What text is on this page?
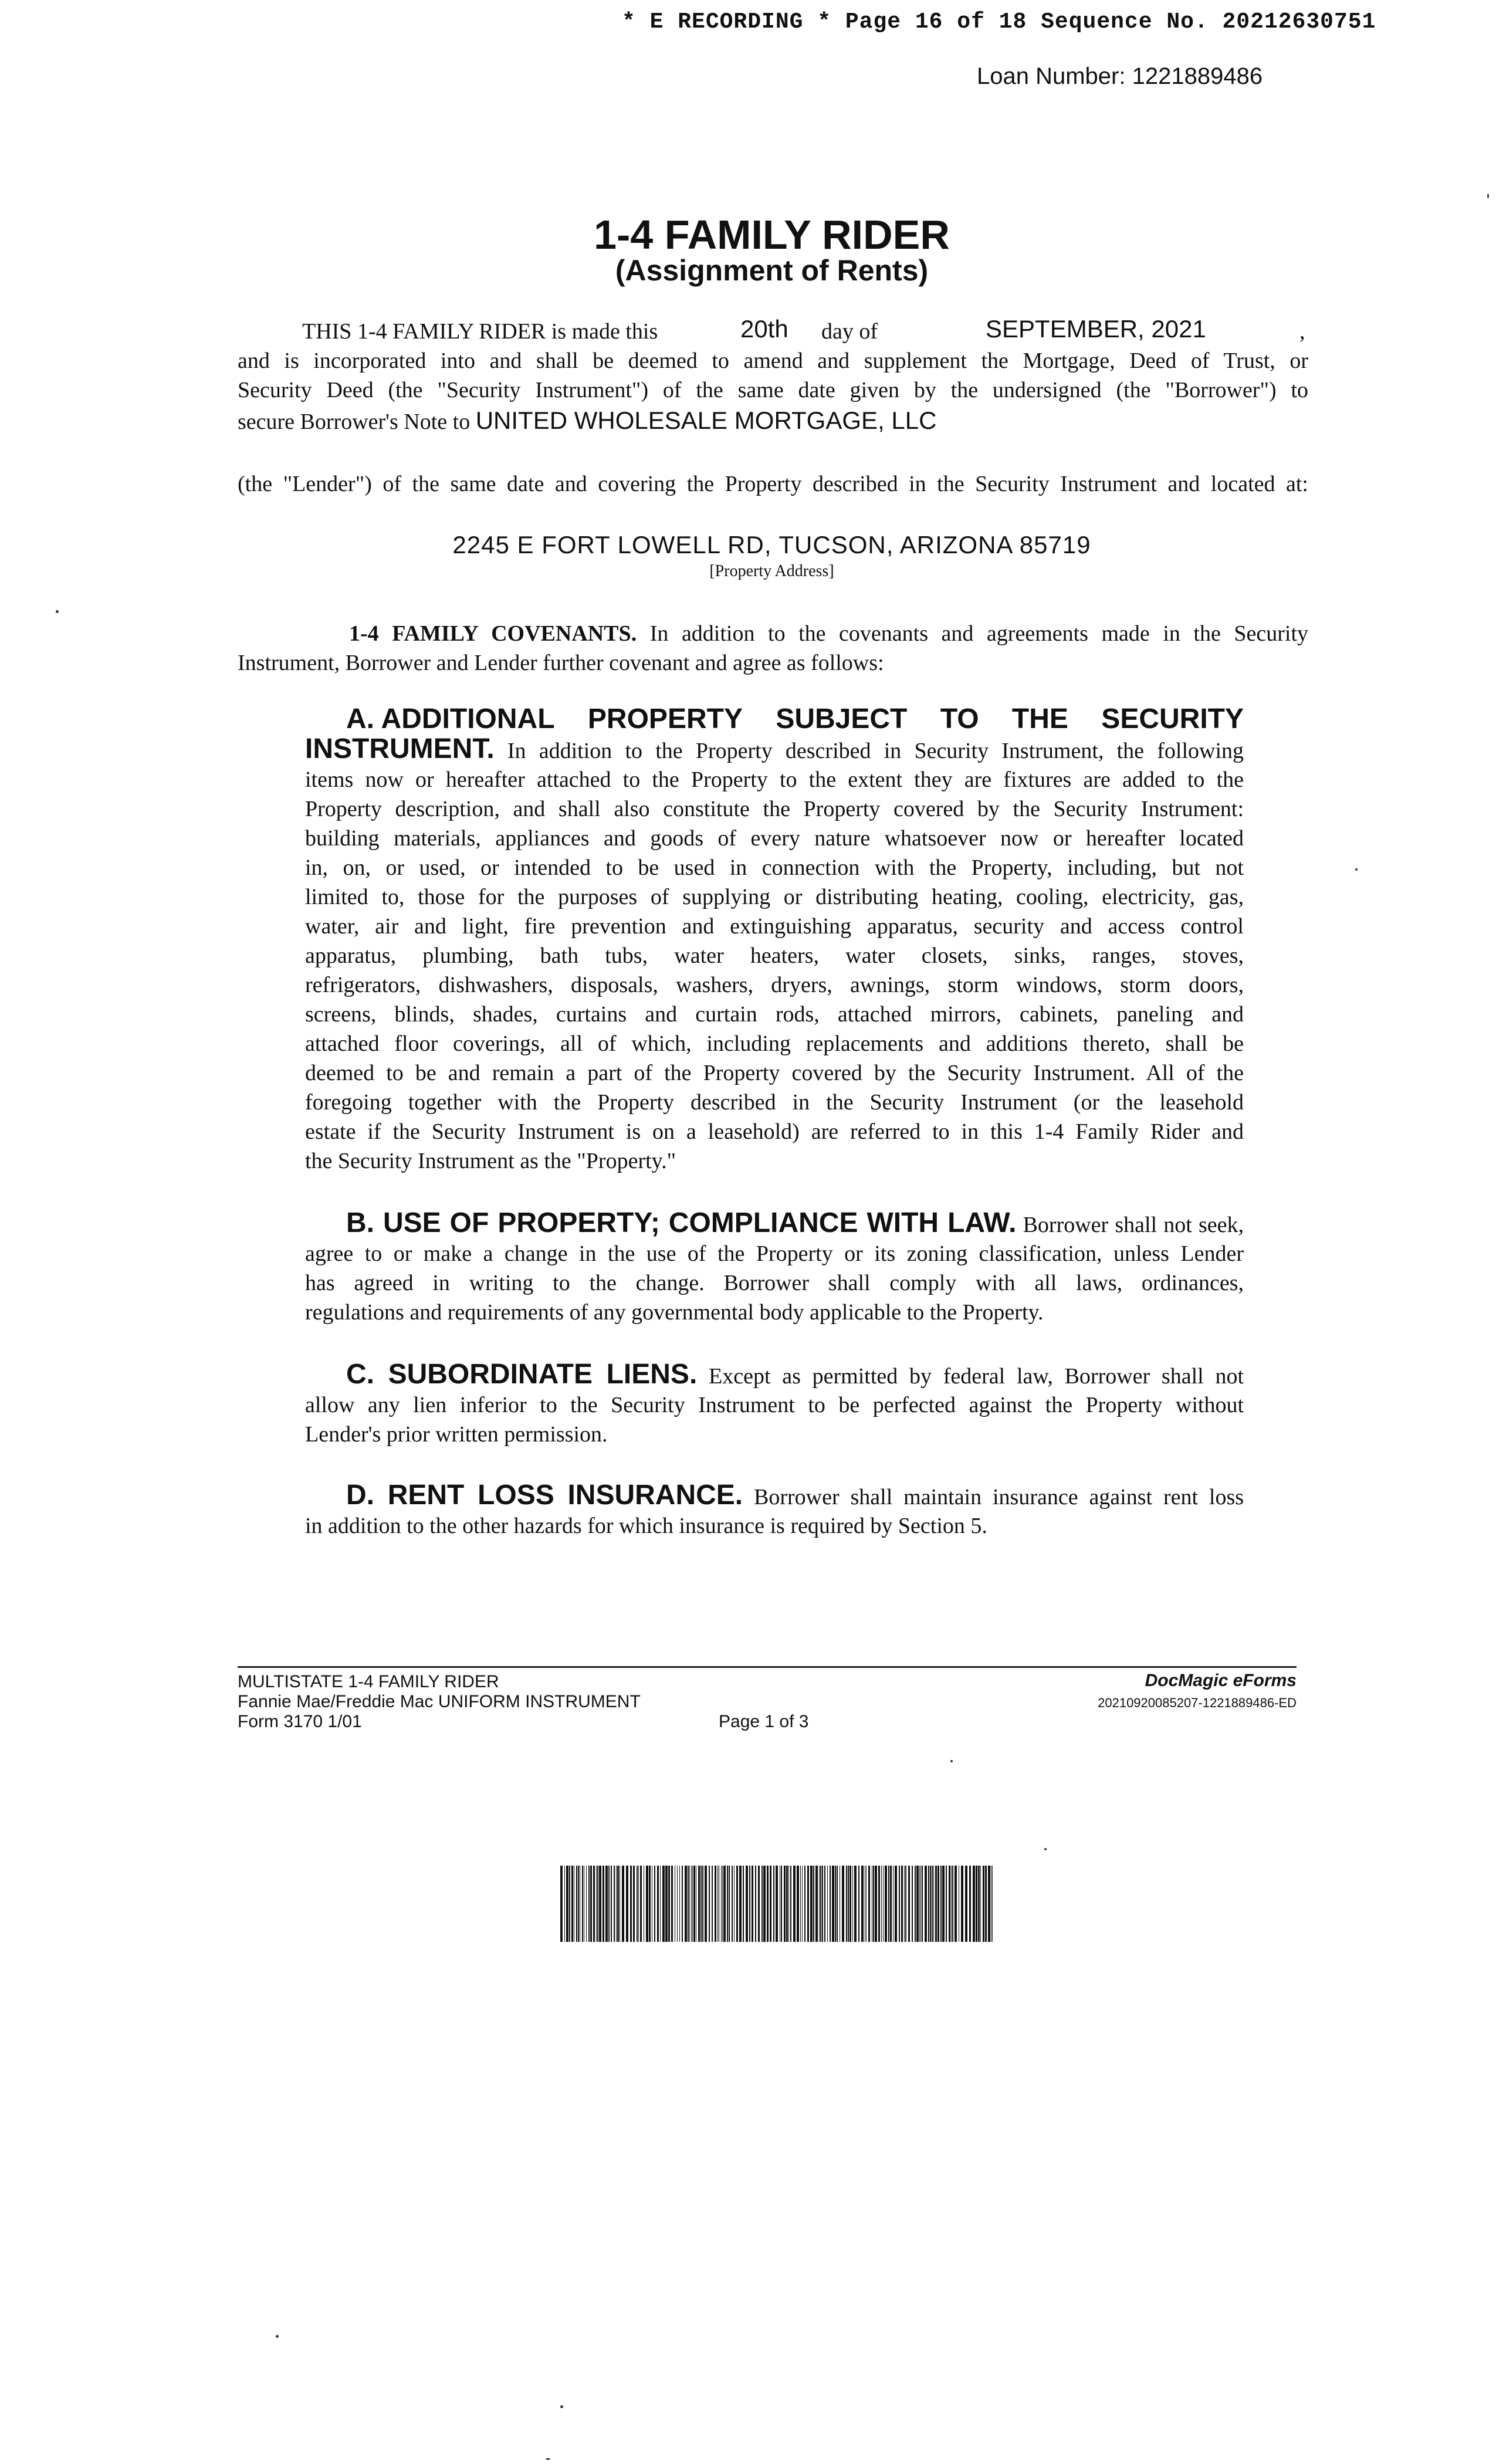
* E RECORDING * Page 16 of 18 Sequence No. 20212630751
Loan Number: 1221889486
1-4 FAMILY RIDER
(Assignment of Rents)
THIS 1-4 FAMILY RIDER is made this	20th day of	SEPTEMBER, 2021	,
and is incorporated into and shall be deemed to amend and supplement the Mortgage, Deed of Trust, or
Security Deed (the "Security Instrument") of the same date given by the undersigned (the "Borrower") to
secure Borrower's Note to UNITED WHOLESALE MORTGAGE, LLC
(the "Lender") of the same date and covering the Property described in the Security Instrument and located at:
2245 E FORT LOWELL RD, TUCSON, ARIZONA 85719
[Property Address]
1-4 FAMILY COVENANTS. In addition to the covenants and agreements made in the Security
Instrument, Borrower and Lender further covenant and agree as follows:
A. ADDITIONAL PROPERTY SUBJECT TO THE SECURITY
INSTRUMENT. In addition to the Property described in Security Instrument, the following
items now or hereafter attached to the Property to the extent they are fixtures are added to the
Property description, and shall also constitute the Property covered by the Security Instrument:
building materials, appliances and goods of every nature whatsoever now or hereafter located
in, on, or used, or intended to be used in connection with the Property, including, but not
limited to, those for the purposes of supplying or distributing heating, cooling, electricity, gas,
water, air and light, fire prevention and extinguishing apparatus, security and access control
apparatus, plumbing, bath tubs, water heaters, water closets, sinks, ranges, stoves,
refrigerators, dishwashers, disposals, washers, dryers, awnings, storm windows, storm doors,
screens, blinds, shades, curtains and curtain rods, attached mirrors, cabinets, paneling and
attached floor coverings, all of which, including replacements and additions thereto, shall be
deemed to be and remain a part of the Property covered by the Security Instrument. All of the
foregoing together with the Property described in the Security Instrument (or the leasehold
estate if the Security Instrument is on a leasehold) are referred to in this 1-4 Family Rider and
the Security Instrument as the "Property."
B. USE OF PROPERTY; COMPLIANCE WITH LAW. Borrower shall not seek,
agree to or make a change in the use of the Property or its zoning classification, unless Lender
has agreed in writing to the change. Borrower shall comply with all laws, ordinances,
regulations and requirements of any governmental body applicable to the Property.
C. SUBORDINATE LIENS. Except as permitted by federal law, Borrower shall not
allow any lien inferior to the Security Instrument to be perfected against the Property without
Lender's prior written permission.
D. RENT LOSS INSURANCE. Borrower shall maintain insurance against rent loss
in addition to the other hazards for which insurance is required by Section 5.
MULTISTATE 1-4 FAMILY RIDER
Fannie Mae/Freddie Mac UNIFORM INSTRUMENT
Form 3170 1/01	Page 1 of 3
DocMagic eForms
20210920085207-1221889486-ED
